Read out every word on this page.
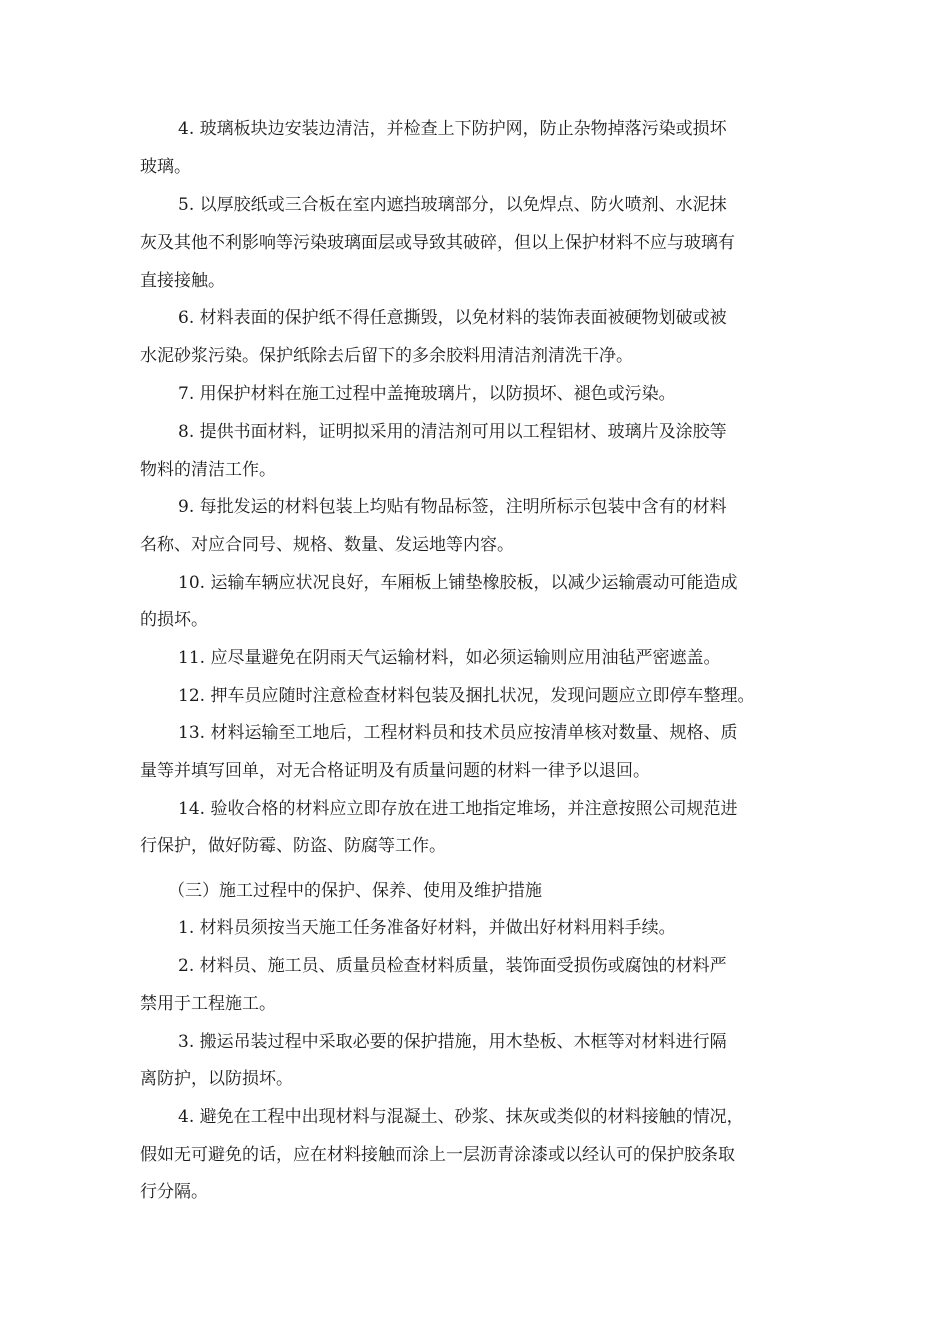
4. 玻璃板块边安装边清洁，并检查上下防护网，防止杂物掉落污染或损坏
玻璃。
5. 以厚胶纸或三合板在室内遮挡玻璃部分，以免焊点、防火喷剂、水泥抹
灰及其他不利影响等污染玻璃面层或导致其破碎，但以上保护材料不应与玻璃有
直接接触。
6. 材料表面的保护纸不得任意撕毁，以免材料的装饰表面被硬物划破或被
水泥砂浆污染。保护纸除去后留下的多余胶料用清洁剂清洗干净。
7. 用保护材料在施工过程中盖掩玻璃片，以防损坏、褪色或污染。
8. 提供书面材料，证明拟采用的清洁剂可用以工程铝材、玻璃片及涂胶等
物料的清洁工作。
9. 每批发运的材料包装上均贴有物品标签，注明所标示包装中含有的材料
名称、对应合同号、规格、数量、发运地等内容。
10. 运输车辆应状况良好，车厢板上铺垫橡胶板，以减少运输震动可能造成
的损坏。
11. 应尽量避免在阴雨天气运输材料，如必须运输则应用油毡严密遮盖。
12. 押车员应随时注意检查材料包装及捆扎状况，发现问题应立即停车整理。
13. 材料运输至工地后，工程材料员和技术员应按清单核对数量、规格、质
量等并填写回单，对无合格证明及有质量问题的材料一律予以退回。
14. 验收合格的材料应立即存放在进工地指定堆场，并注意按照公司规范进
行保护，做好防霉、防盗、防腐等工作。
（三）施工过程中的保护、保养、使用及维护措施
1. 材料员须按当天施工任务准备好材料，并做出好材料用料手续。
2. 材料员、施工员、质量员检查材料质量，装饰面受损伤或腐蚀的材料严
禁用于工程施工。
3. 搬运吊装过程中采取必要的保护措施，用木垫板、木框等对材料进行隔
离防护，以防损坏。
4. 避免在工程中出现材料与混凝土、砂浆、抹灰或类似的材料接触的情况，
假如无可避免的话，应在材料接触而涂上一层沥青涂漆或以经认可的保护胶条取
行分隔。
